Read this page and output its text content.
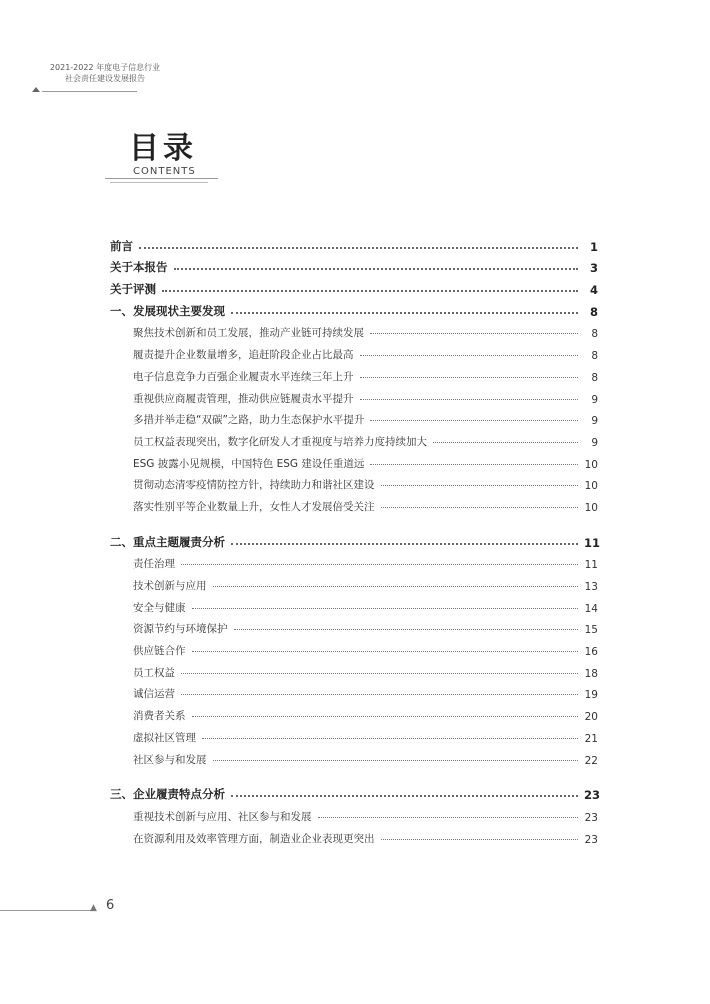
2021-2022 年度电子信息行业
社会责任建设发展报告
目录
CONTENTS
前言	1
关于本报告	3
关于评测	4
一、发展现状主要发现	8
聚焦技术创新和员工发展，推动产业链可持续发展	8
履责提升企业数量增多，追赶阶段企业占比最高	8
电子信息竞争力百强企业履责水平连续三年上升	8
重视供应商履责管理，推动供应链履责水平提升	9
多措并举走稳“双碳”之路，助力生态保护水平提升	9
员工权益表现突出，数字化研发人才重视度与培养力度持续加大	9
ESG 披露小见规模，中国特色 ESG 建设任重道远	10
贯彻动态清零疫情防控方针，持续助力和谐社区建设	10
落实性别平等企业数量上升，女性人才发展倍受关注	10
二、重点主题履责分析	11
责任治理	11
技术创新与应用	13
安全与健康	14
资源节约与环境保护	15
供应链合作	16
员工权益	18
诚信运营	19
消费者关系	20
虚拟社区管理	21
社区参与和发展	22
三、企业履责特点分析	23
重视技术创新与应用、社区参与和发展	23
在资源利用及效率管理方面，制造业企业表现更突出	23
▲ 6
